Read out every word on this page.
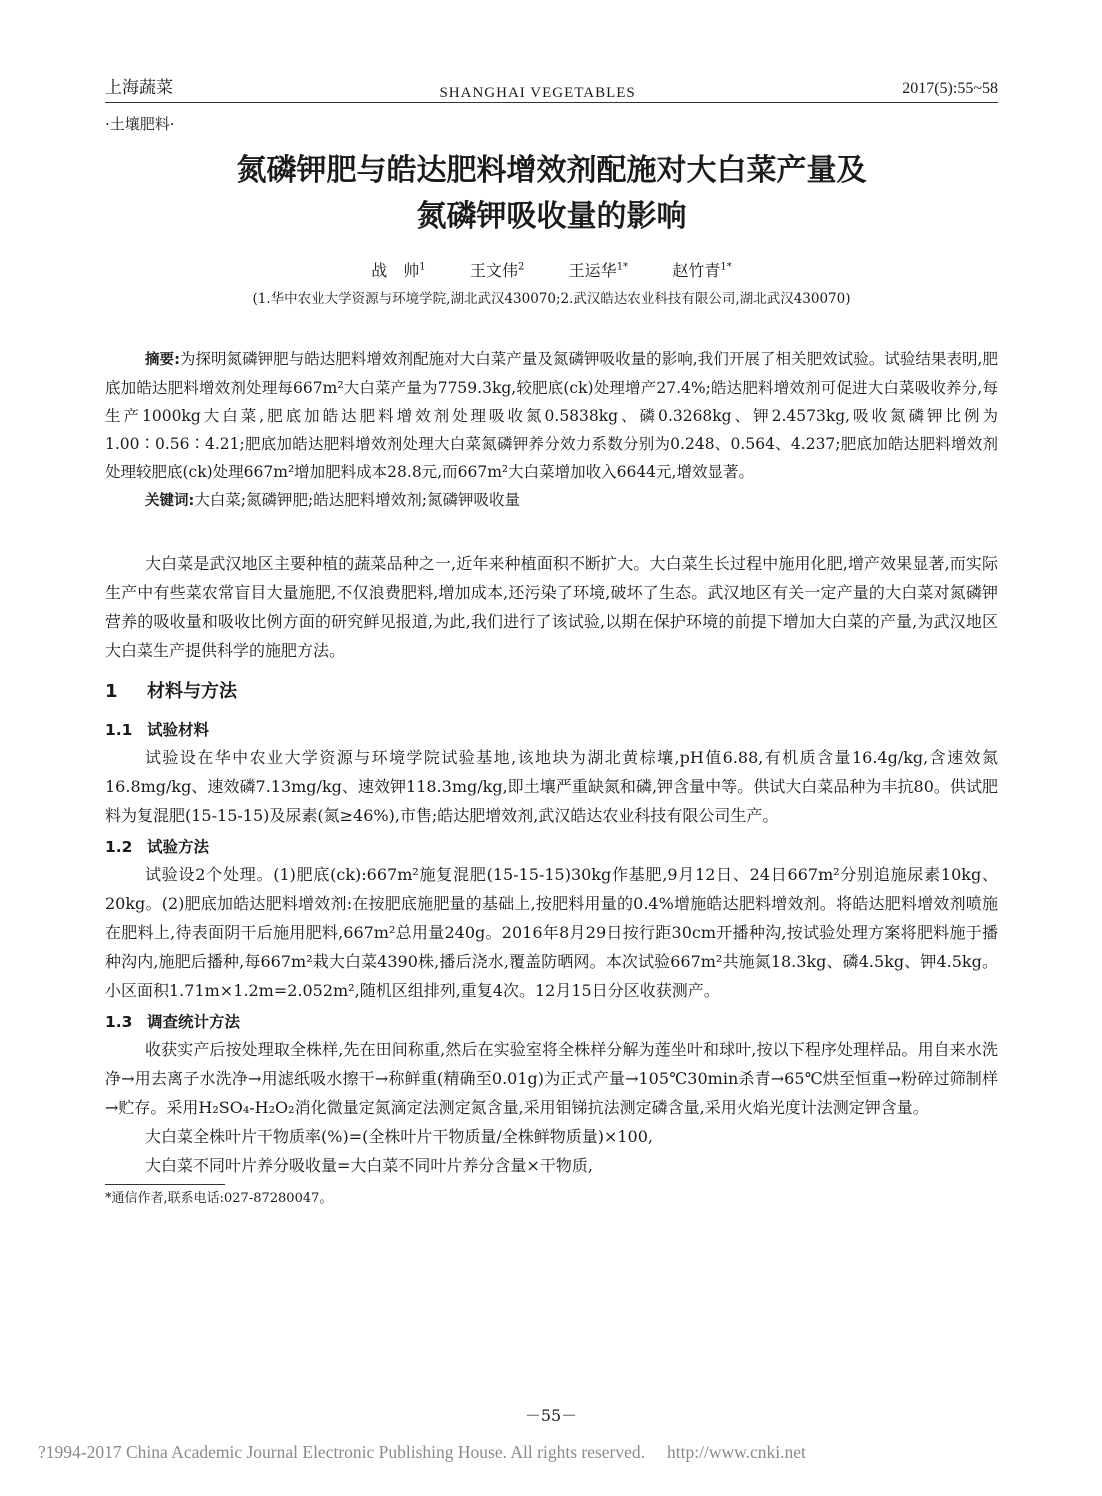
上海蔬菜	SHANGHAI VEGETABLES	2017(5):55~58
·土壤肥料·
氮磷钾肥与皓达肥料增效剂配施对大白菜产量及
氮磷钾吸收量的影响
战　帅$^1$	王文伟$^2$	王运华$^{1*}$	赵竹青$^{1*}$
(1.华中农业大学资源与环境学院,湖北武汉430070;2.武汉皓达农业科技有限公司,湖北武汉430070)

摘要:为探明氮磷钾肥与皓达肥料增效剂配施对大白菜产量及氮磷钾吸收量的影响,我们开展了相关肥效试验。试验结果表明,肥底加皓达肥料增效剂处理每667m²大白菜产量为7759.3kg,较肥底(ck)处理增产27.4%;皓达肥料增效剂可促进大白菜吸收养分,每生产1000kg大白菜,肥底加皓达肥料增效剂处理吸收氮0.5838kg、磷0.3268kg、钾2.4573kg,吸收氮磷钾比例为1.00∶0.56∶4.21;肥底加皓达肥料增效剂处理大白菜氮磷钾养分效力系数分别为0.248、0.564、4.237;肥底加皓达肥料增效剂处理较肥底(ck)处理667m²增加肥料成本28.8元,而667m²大白菜增加收入6644元,增效显著。

关键词:大白菜;氮磷钾肥;皓达肥料增效剂;氮磷钾吸收量

大白菜是武汉地区主要种植的蔬菜品种之一,近年来种植面积不断扩大。大白菜生长过程中施用化肥,增产效果显著,而实际生产中有些菜农常盲目大量施肥,不仅浪费肥料,增加成本,还污染了环境,破坏了生态。武汉地区有关一定产量的大白菜对氮磷钾营养的吸收量和吸收比例方面的研究鲜见报道,为此,我们进行了该试验,以期在保护环境的前提下增加大白菜的产量,为武汉地区大白菜生产提供科学的施肥方法。

1 材料与方法
1.1 试验材料

试验设在华中农业大学资源与环境学院试验基地,该地块为湖北黄棕壤,pH值6.88,有机质含量16.4g/kg,含速效氮16.8mg/kg、速效磷7.13mg/kg、速效钾118.3mg/kg,即土壤严重缺氮和磷,钾含量中等。供试大白菜品种为丰抗80。供试肥料为复混肥(15-15-15)及尿素(氮≥46%),市售;皓达肥增效剂,武汉皓达农业科技有限公司生产。

1.2 试验方法

试验设2个处理。(1)肥底(ck):667m²施复混肥(15-15-15)30kg作基肥,9月12日、24日667m²分别追施尿素10kg、20kg。(2)肥底加皓达肥料增效剂:在按肥底施肥量的基础上,按肥料用量的0.4%增施皓达肥料增效剂。将皓达肥料增效剂喷施在肥料上,待表面阴干后施用肥料,667m²总用量240g。2016年8月29日按行距30cm开播种沟,按试验处理方案将肥料施于播种沟内,施肥后播种,每667m²栽大白菜4390株,播后浇水,覆盖防晒网。本次试验667m²共施氮18.3kg、磷4.5kg、钾4.5kg。小区面积1.71m×1.2m=2.052m²,随机区组排列,重复4次。12月15日分区收获测产。

1.3 调查统计方法

收获实产后按处理取全株样,先在田间称重,然后在实验室将全株样分解为莲坐叶和球叶,按以下程序处理样品。用自来水洗净→用去离子水洗净→用滤纸吸水擦干→称鲜重(精确至0.01g)为正式产量→105℃30min杀青→65℃烘至恒重→粉碎过筛制样→贮存。采用H₂SO₄-H₂O₂消化微量定氮滴定法测定氮含量,采用钼锑抗法测定磷含量,采用火焰光度计法测定钾含量。

大白菜全株叶片干物质率(%)=(全株叶片干物质量/全株鲜物质量)×100,

大白菜不同叶片养分吸收量=大白菜不同叶片养分含量×干物质,

*通信作者,联系电话:027-87280047。
－55－
?1994-2017 China Academic Journal Electronic Publishing House. All rights reserved. http://www.cnki.net
